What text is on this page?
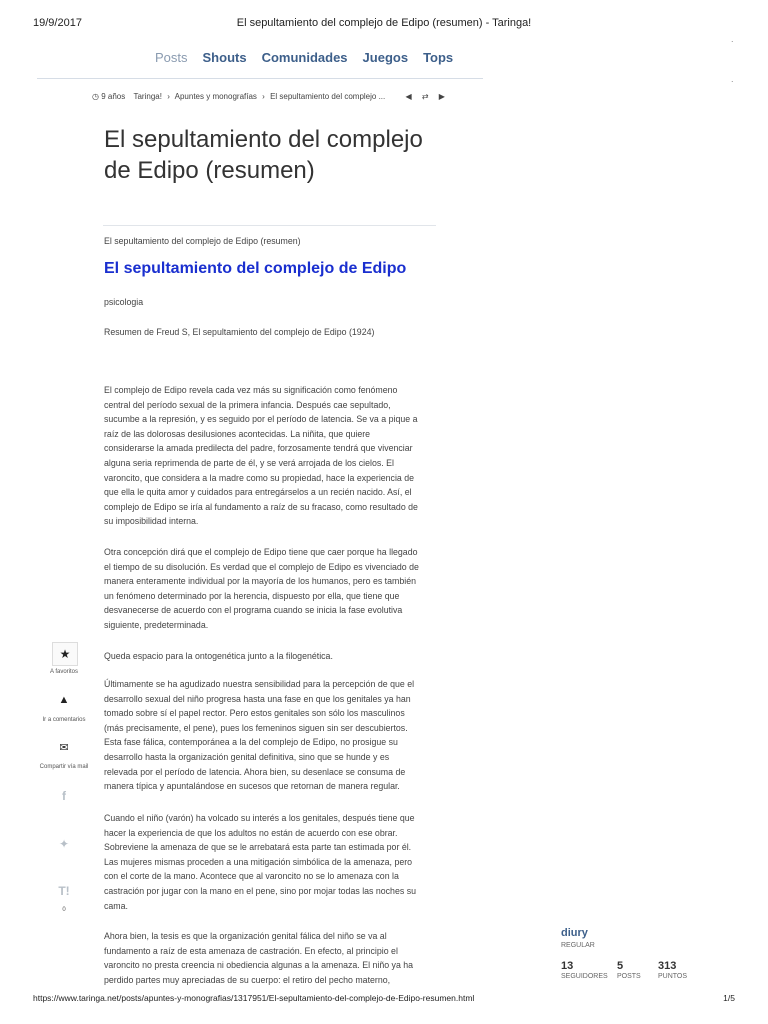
19/9/2017	El sepultamiento del complejo de Edipo (resumen) - Taringa!
.
.
Posts Shouts Comunidades Juegos Tops
◷ 9 años Taringa! › Apuntes y monografías › El sepultamiento del complejo ...	◀ ⇄ ▶
El sepultamiento del complejo de Edipo (resumen)
El sepultamiento del complejo de Edipo (resumen)
El sepultamiento del complejo de Edipo
psicologia
Resumen de Freud S, El sepultamiento del complejo de Edipo (1924)

El complejo de Edipo revela cada vez más su significación como fenómeno central del período sexual de la primera infancia. Después cae sepultado, sucumbe a la represión, y es seguido por el período de latencia. Se va a pique a raíz de las dolorosas desilusiones acontecidas. La niñita, que quiere considerarse la amada predilecta del padre, forzosamente tendrá que vivenciar alguna seria reprimenda de parte de él, y se verá arrojada de los cielos. El varoncito, que considera a la madre como su propiedad, hace la experiencia de que ella le quita amor y cuidados para entregárselos a un recién nacido. Así, el complejo de Edipo se iría al fundamento a raíz de su fracaso, como resultado de su imposibilidad interna.

Otra concepción dirá que el complejo de Edipo tiene que caer porque ha llegado el tiempo de su disolución. Es verdad que el complejo de Edipo es vivenciado de manera enteramente individual por la mayoría de los humanos, pero es también un fenómeno determinado por la herencia, dispuesto por ella, que tiene que desvanecerse de acuerdo con el programa cuando se inicia la fase evolutiva siguiente, predeterminada.

Queda espacio para la ontogenética junto a la filogenética.

Últimamente se ha agudizado nuestra sensibilidad para la percepción de que el desarrollo sexual del niño progresa hasta una fase en que los genitales ya han tomado sobre sí el papel rector. Pero estos genitales son sólo los masculinos (más precisamente, el pene), pues los femeninos siguen sin ser descubiertos. Esta fase fálica, contemporánea a la del complejo de Edipo, no prosigue su desarrollo hasta la organización genital definitiva, sino que se hunde y es relevada por el período de latencia. Ahora bien, su desenlace se consuma de manera típica y apuntalándose en sucesos que retornan de manera regular.

Cuando el niño (varón) ha volcado su interés a los genitales, después tiene que hacer la experiencia de que los adultos no están de acuerdo con ese obrar. Sobreviene la amenaza de que se le arrebatará esta parte tan estimada por él. Las mujeres mismas proceden a una mitigación simbólica de la amenaza, pero con el corte de la mano. Acontece que al varoncito no se lo amenaza con la castración por jugar con la mano en el pene, sino por mojar todas las noches su cama.

Ahora bien, la tesis es que la organización genital fálica del niño se va al fundamento a raíz de esta amenaza de castración. En efecto, al principio el varoncito no presta creencia ni obediencia algunas a la amenaza. El niño ya ha perdido partes muy apreciadas de su cuerpo: el retiro del pecho materno,

★
A favoritos
▲
Ir a comentarios
✉
Compartir vía mail
f
✦
T!
0
diury
REGULAR
13
SEGUIDORES
5
POSTS
313
PUNTOS
https://www.taringa.net/posts/apuntes-y-monografias/1317951/El-sepultamiento-del-complejo-de-Edipo-resumen.html	1/5
